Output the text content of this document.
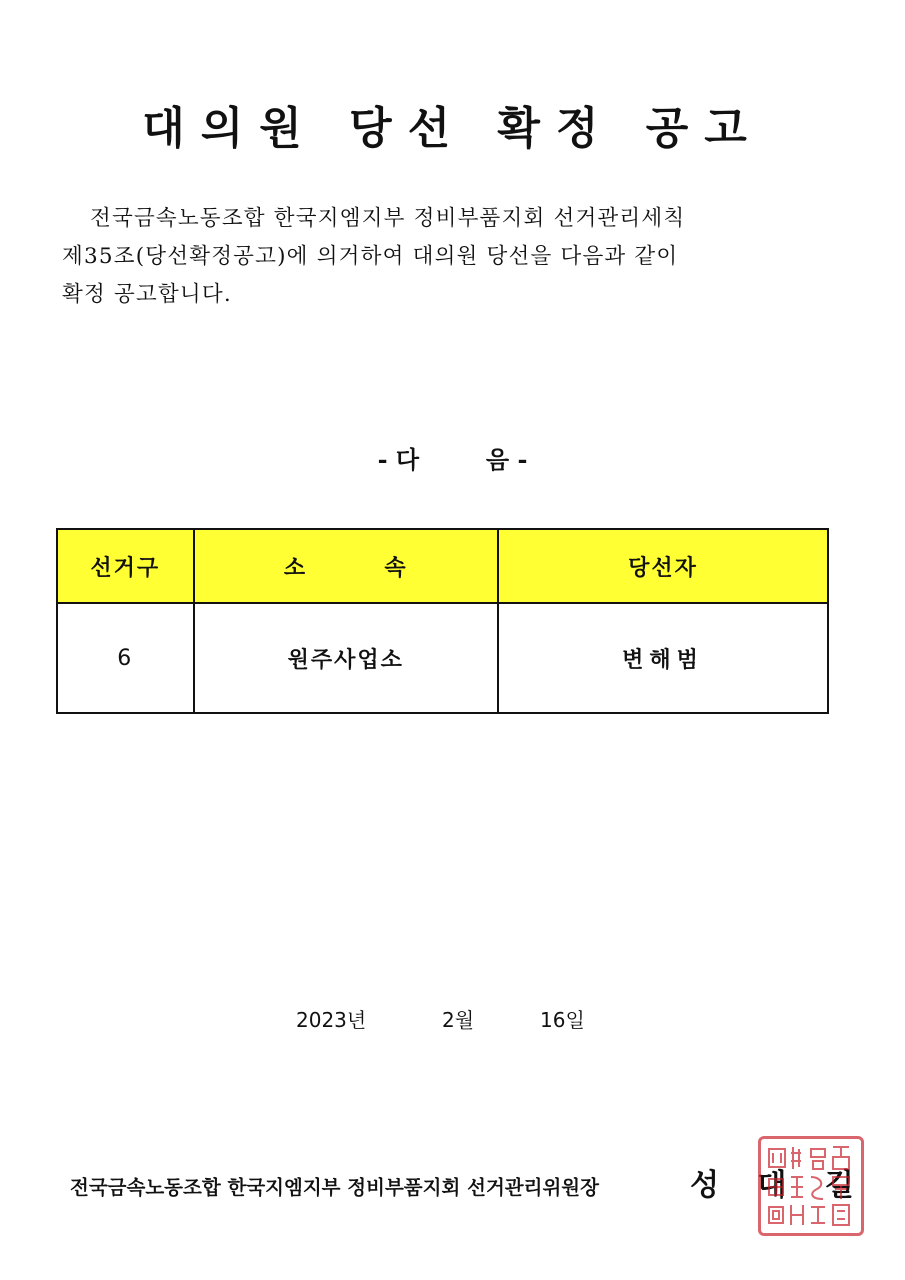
대의원 당선 확정 공고
전국금속노동조합 한국지엠지부 정비부품지회 선거관리세칙
제35조(당선확정공고)에 의거하여 대의원 당선을 다음과 같이
확정 공고합니다.
- 다        음 -
선거구	소        속	당선자
6	원주사업소	변해범
2023년	2월	16일
전국금속노동조합 한국지엠지부 정비부품지회 선거관리위원장	성 대 길
